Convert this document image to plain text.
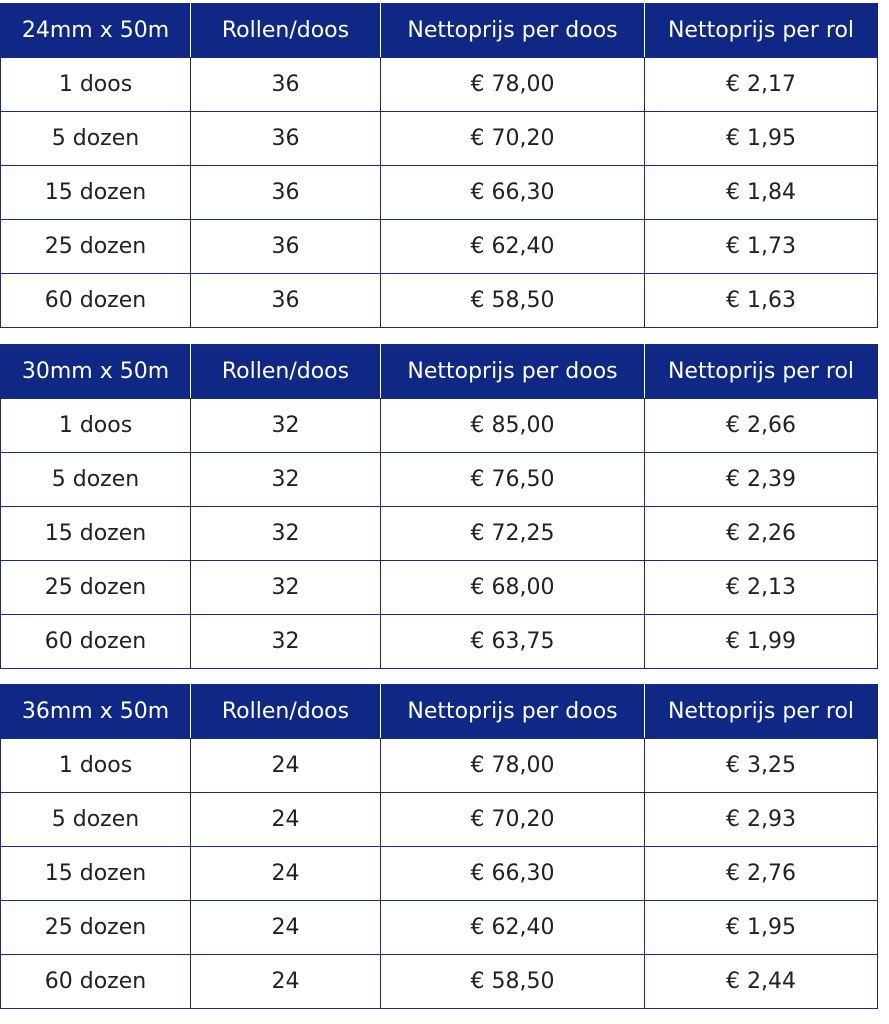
24mm x 50m	Rollen/doos	Nettoprijs per doos	Nettoprijs per rol
1 doos	36	€ 78,00	€ 2,17
5 dozen	36	€ 70,20	€ 1,95
15 dozen	36	€ 66,30	€ 1,84
25 dozen	36	€ 62,40	€ 1,73
60 dozen	36	€ 58,50	€ 1,63
30mm x 50m	Rollen/doos	Nettoprijs per doos	Nettoprijs per rol
1 doos	32	€ 85,00	€ 2,66
5 dozen	32	€ 76,50	€ 2,39
15 dozen	32	€ 72,25	€ 2,26
25 dozen	32	€ 68,00	€ 2,13
60 dozen	32	€ 63,75	€ 1,99
36mm x 50m	Rollen/doos	Nettoprijs per doos	Nettoprijs per rol
1 doos	24	€ 78,00	€ 3,25
5 dozen	24	€ 70,20	€ 2,93
15 dozen	24	€ 66,30	€ 2,76
25 dozen	24	€ 62,40	€ 1,95
60 dozen	24	€ 58,50	€ 2,44
